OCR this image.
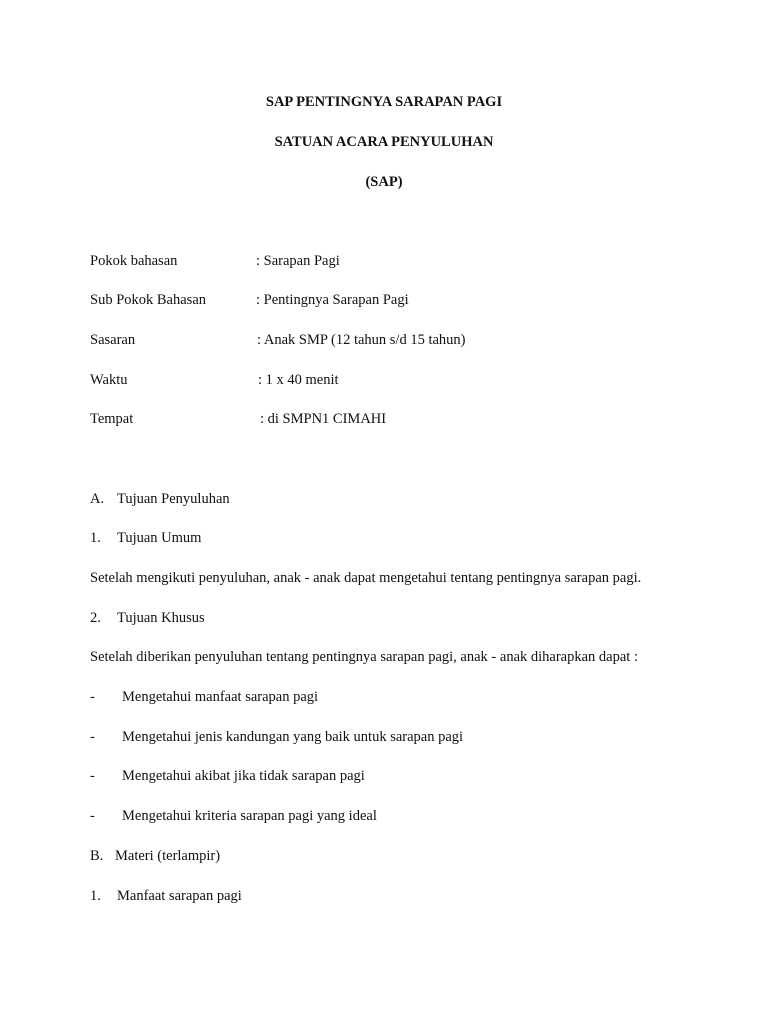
SAP PENTINGNYA SARAPAN PAGI
SATUAN ACARA PENYULUHAN
(SAP)
Pokok bahasan	: Sarapan Pagi
Sub Pokok Bahasan	: Pentingnya Sarapan Pagi
Sasaran	: Anak SMP (12 tahun s/d 15 tahun)
Waktu	: 1 x 40 menit
Tempat	: di SMPN1 CIMAHI
A. Tujuan Penyuluhan
1. Tujuan Umum
Setelah mengikuti penyuluhan, anak - anak dapat mengetahui tentang pentingnya sarapan pagi.
2. Tujuan Khusus
Setelah diberikan penyuluhan tentang pentingnya sarapan pagi, anak - anak diharapkan dapat :
- Mengetahui manfaat sarapan pagi
- Mengetahui jenis kandungan yang baik untuk sarapan pagi
- Mengetahui akibat jika tidak sarapan pagi
- Mengetahui kriteria sarapan pagi yang ideal
B. Materi (terlampir)
1. Manfaat sarapan pagi
